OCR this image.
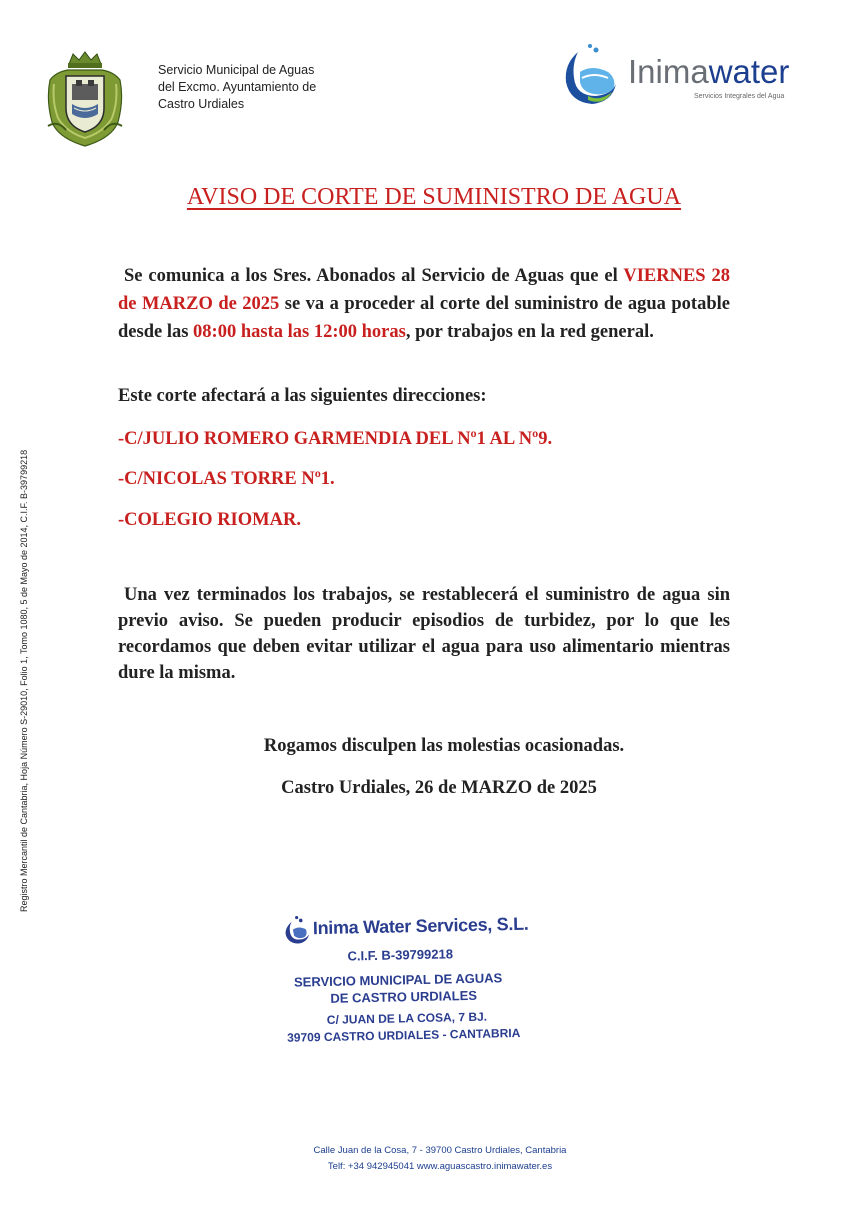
Servicio Municipal de Aguas
del Excmo. Ayuntamiento de
Castro Urdiales
Inimawater
Servicios Integrales del Agua
Registro Mercantil de Cantabria, Hoja Número S-29010, Folio 1, Tomo 1080, 5 de Mayo de 2014, C.I.F. B-39799218
AVISO DE CORTE DE SUMINISTRO DE AGUA
Se comunica a los Sres. Abonados al Servicio de Aguas que el VIERNES 28 de MARZO de 2025 se va a proceder al corte del suministro de agua potable desde las 08:00 hasta las 12:00 horas, por trabajos en la red general.
Este corte afectará a las siguientes direcciones:
-C/JULIO ROMERO GARMENDIA DEL Nº1 AL Nº9.
-C/NICOLAS TORRE Nº1.
-COLEGIO RIOMAR.
Una vez terminados los trabajos, se restablecerá el suministro de agua sin previo aviso. Se pueden producir episodios de turbidez, por lo que les recordamos que deben evitar utilizar el agua para uso alimentario mientras dure la misma.
Rogamos disculpen las molestias ocasionadas.
Castro Urdiales, 26 de MARZO de 2025
Inima Water Services, S.L.
C.I.F. B-39799218
SERVICIO MUNICIPAL DE AGUAS
DE CASTRO URDIALES
C/ JUAN DE LA COSA, 7 BJ.
39709 CASTRO URDIALES - CANTABRIA
Calle Juan de la Cosa, 7 - 39700 Castro Urdiales, Cantabria
Telf: +34 942945041 www.aguascastro.inimawater.es
